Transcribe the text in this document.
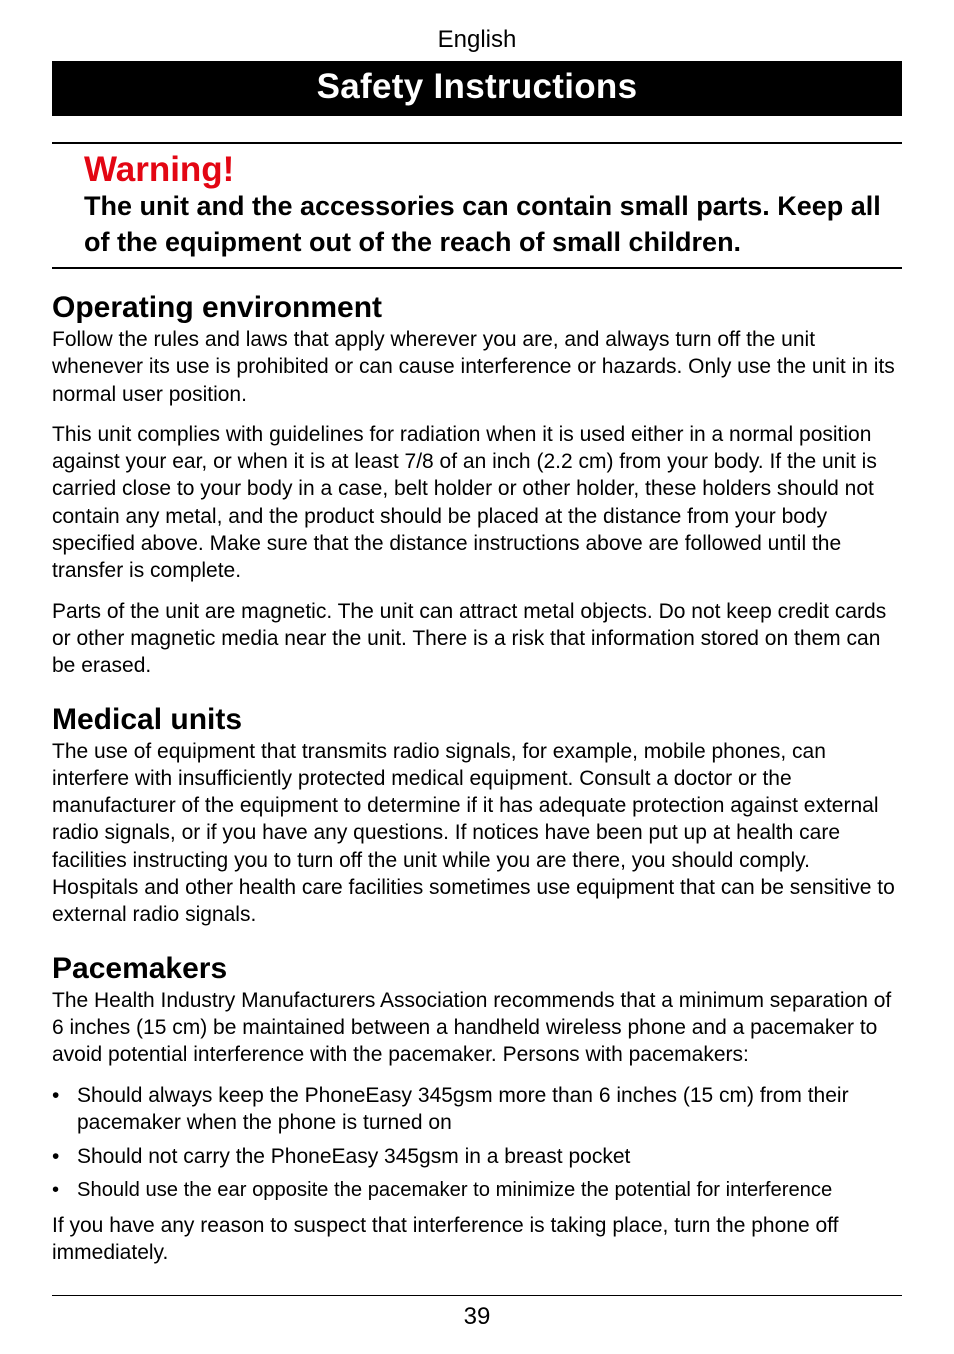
English
Safety Instructions
Warning!
The unit and the accessories can contain small parts. Keep all of the equipment out of the reach of small children.
Operating environment

Follow the rules and laws that apply wherever you are, and always turn off the unit whenever its use is prohibited or can cause interference or hazards. Only use the unit in its normal user position.

This unit complies with guidelines for radiation when it is used either in a normal position against your ear, or when it is at least 7/8 of an inch (2.2 cm) from your body. If the unit is carried close to your body in a case, belt holder or other holder, these holders should not contain any metal, and the product should be placed at the distance from your body specified above. Make sure that the distance instructions above are followed until the transfer is complete.

Parts of the unit are magnetic. The unit can attract metal objects. Do not keep credit cards or other magnetic media near the unit. There is a risk that information stored on them can be erased.

Medical units

The use of equipment that transmits radio signals, for example, mobile phones, can interfere with insufficiently protected medical equipment. Consult a doctor or the manufacturer of the equipment to determine if it has adequate protection against external radio signals, or if you have any questions. If notices have been put up at health care facilities instructing you to turn off the unit while you are there, you should comply. Hospitals and other health care facilities sometimes use equipment that can be sensitive to external radio signals.

Pacemakers

The Health Industry Manufacturers Association recommends that a minimum separation of 6 inches (15 cm) be maintained between a handheld wireless phone and a pacemaker to avoid potential interference with the pacemaker. Persons with pacemakers:

• Should always keep the PhoneEasy 345gsm more than 6 inches (15 cm) from their pacemaker when the phone is turned on
• Should not carry the PhoneEasy 345gsm in a breast pocket
• Should use the ear opposite the pacemaker to minimize the potential for interference

If you have any reason to suspect that interference is taking place, turn the phone off immediately.

39
